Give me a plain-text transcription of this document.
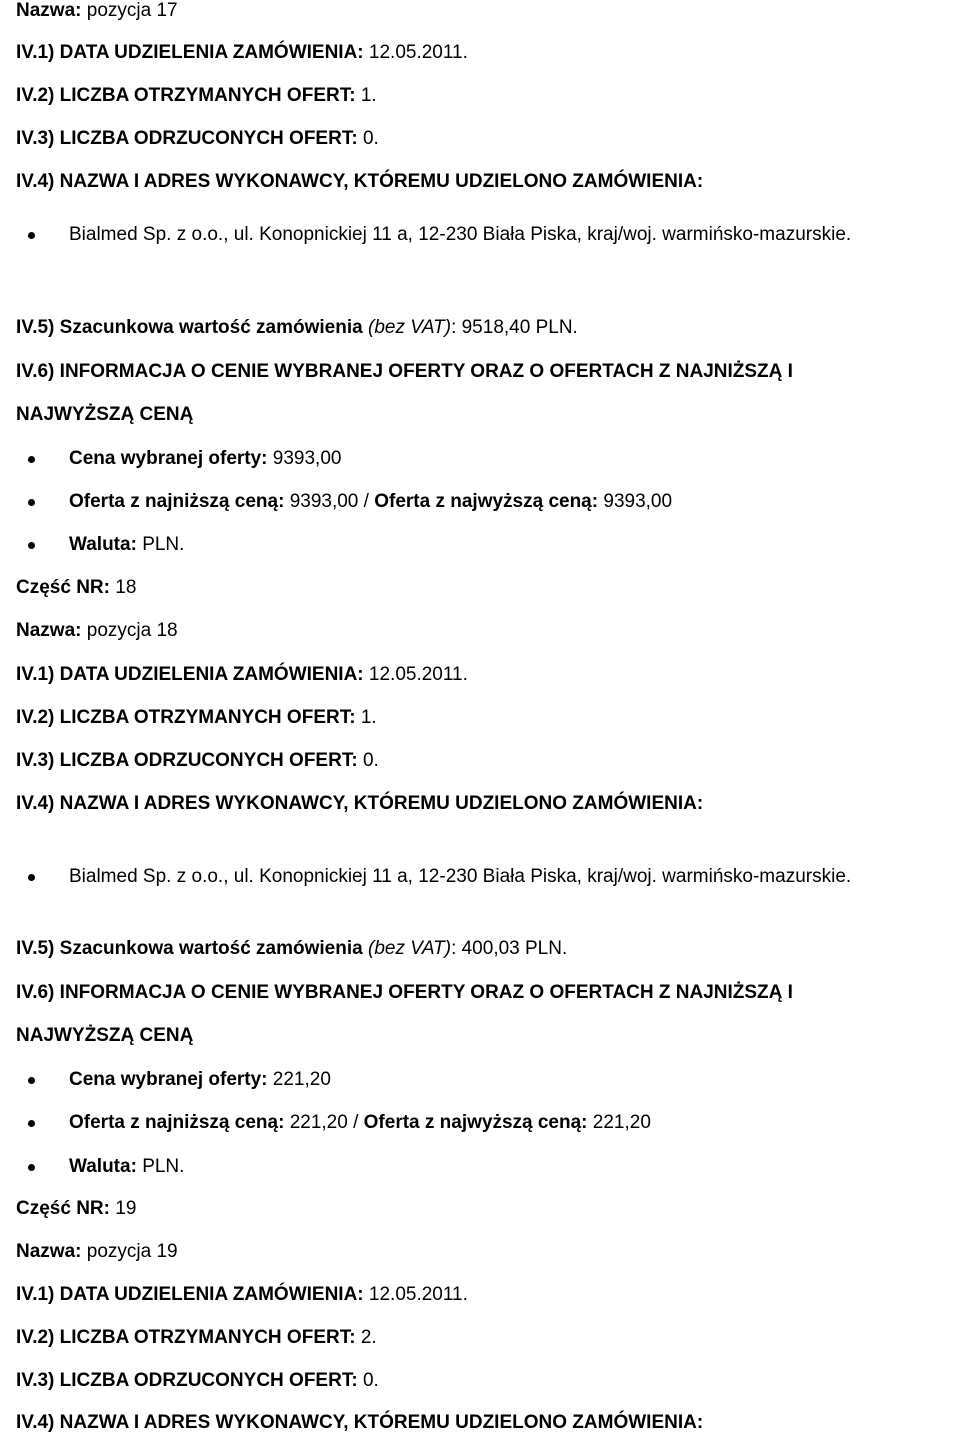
Nazwa: pozycja 17
IV.1) DATA UDZIELENIA ZAMÓWIENIA: 12.05.2011.
IV.2) LICZBA OTRZYMANYCH OFERT: 1.
IV.3) LICZBA ODRZUCONYCH OFERT: 0.
IV.4) NAZWA I ADRES WYKONAWCY, KTÓREMU UDZIELONO ZAMÓWIENIA:
Bialmed Sp. z o.o., ul. Konopnickiej 11 a, 12-230 Biała Piska, kraj/woj. warmińsko-mazurskie.
IV.5) Szacunkowa wartość zamówienia (bez VAT): 9518,40 PLN.
IV.6) INFORMACJA O CENIE WYBRANEJ OFERTY ORAZ O OFERTACH Z NAJNIŻSZĄ I
NAJWYŻSZĄ CENĄ
Cena wybranej oferty: 9393,00
Oferta z najniższą ceną: 9393,00 / Oferta z najwyższą ceną: 9393,00
Waluta: PLN.
Część NR: 18
Nazwa: pozycja 18
IV.1) DATA UDZIELENIA ZAMÓWIENIA: 12.05.2011.
IV.2) LICZBA OTRZYMANYCH OFERT: 1.
IV.3) LICZBA ODRZUCONYCH OFERT: 0.
IV.4) NAZWA I ADRES WYKONAWCY, KTÓREMU UDZIELONO ZAMÓWIENIA:
Bialmed Sp. z o.o., ul. Konopnickiej 11 a, 12-230 Biała Piska, kraj/woj. warmińsko-mazurskie.
IV.5) Szacunkowa wartość zamówienia (bez VAT): 400,03 PLN.
IV.6) INFORMACJA O CENIE WYBRANEJ OFERTY ORAZ O OFERTACH Z NAJNIŻSZĄ I
NAJWYŻSZĄ CENĄ
Cena wybranej oferty: 221,20
Oferta z najniższą ceną: 221,20 / Oferta z najwyższą ceną: 221,20
Waluta: PLN.
Część NR: 19
Nazwa: pozycja 19
IV.1) DATA UDZIELENIA ZAMÓWIENIA: 12.05.2011.
IV.2) LICZBA OTRZYMANYCH OFERT: 2.
IV.3) LICZBA ODRZUCONYCH OFERT: 0.
IV.4) NAZWA I ADRES WYKONAWCY, KTÓREMU UDZIELONO ZAMÓWIENIA:
